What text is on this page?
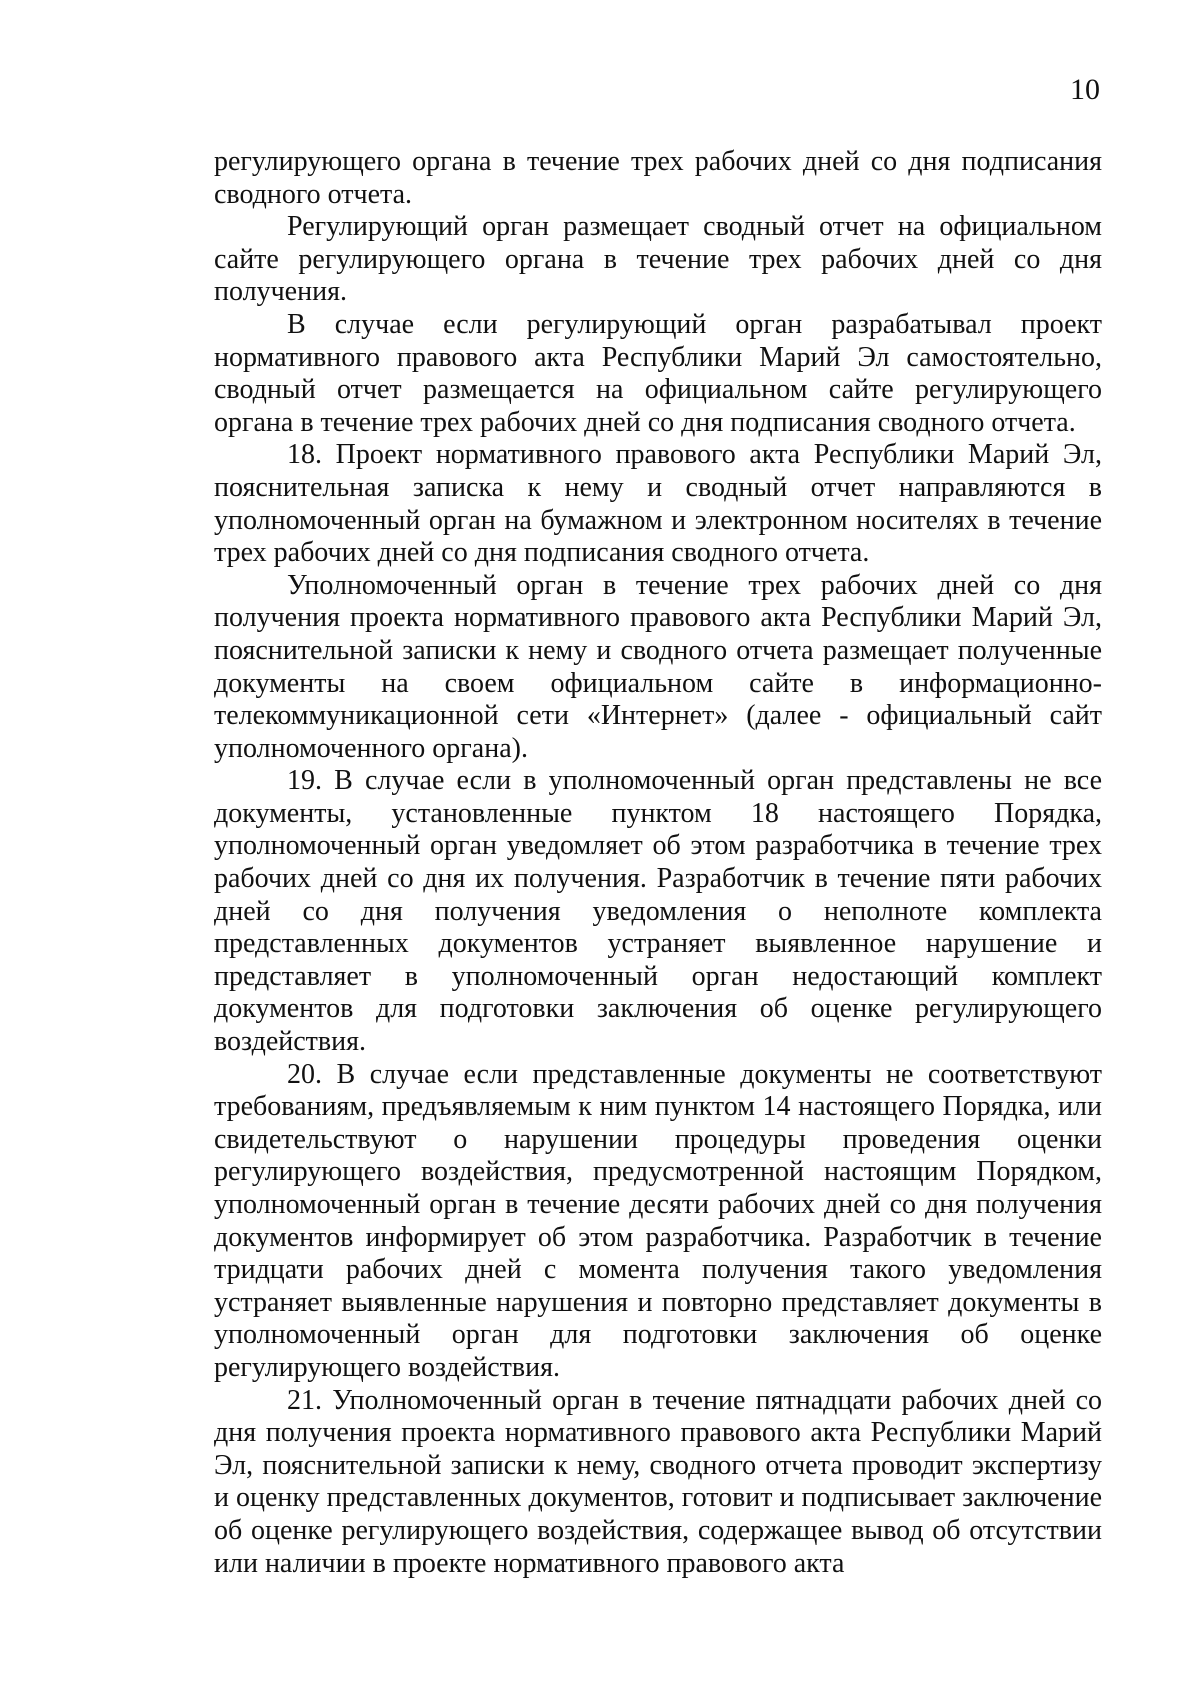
10

регулирующего органа в течение трех рабочих дней со дня подписания сводного отчета.

Регулирующий орган размещает сводный отчет на официальном сайте регулирующего органа в течение трех рабочих дней со дня получения.

В случае если регулирующий орган разрабатывал проект нормативного правового акта Республики Марий Эл самостоятельно, сводный отчет размещается на официальном сайте регулирующего органа в течение трех рабочих дней со дня подписания сводного отчета.

18. Проект нормативного правового акта Республики Марий Эл, пояснительная записка к нему и сводный отчет направляются в уполномоченный орган на бумажном и электронном носителях в течение трех рабочих дней со дня подписания сводного отчета.

Уполномоченный орган в течение трех рабочих дней со дня получения проекта нормативного правового акта Республики Марий Эл, пояснительной записки к нему и сводного отчета размещает полученные документы на своем официальном сайте в информационно-телекоммуникационной сети «Интернет» (далее - официальный сайт уполномоченного органа).

19. В случае если в уполномоченный орган представлены не все документы, установленные пунктом 18 настоящего Порядка, уполномоченный орган уведомляет об этом разработчика в течение трех рабочих дней со дня их получения. Разработчик в течение пяти рабочих дней со дня получения уведомления о неполноте комплекта представленных документов устраняет выявленное нарушение и представляет в уполномоченный орган недостающий комплект документов для подготовки заключения об оценке регулирующего воздействия.

20. В случае если представленные документы не соответствуют требованиям, предъявляемым к ним пунктом 14 настоящего Порядка, или свидетельствуют о нарушении процедуры проведения оценки регулирующего воздействия, предусмотренной настоящим Порядком, уполномоченный орган в течение десяти рабочих дней со дня получения документов информирует об этом разработчика. Разработчик в течение тридцати рабочих дней с момента получения такого уведомления устраняет выявленные нарушения и повторно представляет документы в уполномоченный орган для подготовки заключения об оценке регулирующего воздействия.

21. Уполномоченный орган в течение пятнадцати рабочих дней со дня получения проекта нормативного правового акта Республики Марий Эл, пояснительной записки к нему, сводного отчета проводит экспертизу и оценку представленных документов, готовит и подписывает заключение об оценке регулирующего воздействия, содержащее вывод об отсутствии или наличии в проекте нормативного правового акта
